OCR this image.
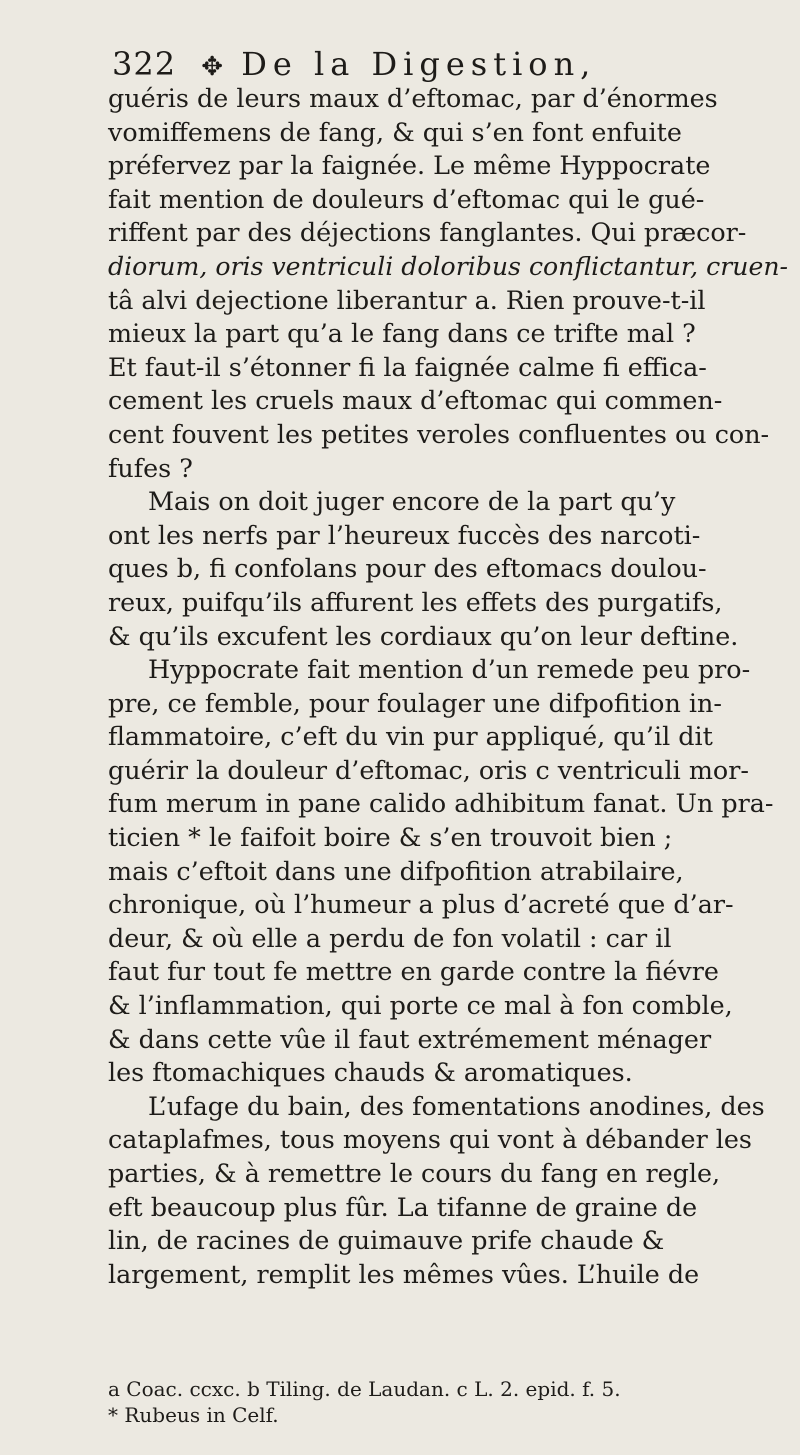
322 ✥ De la Digestion,
guéris de leurs maux d’eftomac, par d’énormes
vomiffemens de fang, & qui s’en font enfuite
préfervez par la faignée. Le même Hyppocrate
fait mention de douleurs d’eftomac qui le gué-
riffent par des déjections fanglantes. Qui præcor-
diorum, oris ventriculi doloribus conflictantur, cruen-
tâ alvi dejectione liberantur a. Rien prouve-t-il
mieux la part qu’a le fang dans ce trifte mal ?
Et faut-il s’étonner fi la faignée calme fi effica-
cement les cruels maux d’eftomac qui commen-
cent fouvent les petites veroles confluentes ou con-
fufes ?
Mais on doit juger encore de la part qu’y
ont les nerfs par l’heureux fuccès des narcoti-
ques b, fi confolans pour des eftomacs doulou-
reux, puifqu’ils affurent les effets des purgatifs,
& qu’ils excufent les cordiaux qu’on leur deftine.
Hyppocrate fait mention d’un remede peu pro-
pre, ce femble, pour foulager une difpofition in-
flammatoire, c’eft du vin pur appliqué, qu’il dit
guérir la douleur d’eftomac, oris c ventriculi mor-
fum merum in pane calido adhibitum fanat. Un pra-
ticien * le faifoit boire & s’en trouvoit bien ;
mais c’eftoit dans une difpofition atrabilaire,
chronique, où l’humeur a plus d’acreté que d’ar-
deur, & où elle a perdu de fon volatil : car il
faut fur tout fe mettre en garde contre la fiévre
& l’inflammation, qui porte ce mal à fon comble,
& dans cette vûe il faut extrémement ménager
les ftomachiques chauds & aromatiques.
L’ufage du bain, des fomentations anodines, des
cataplafmes, tous moyens qui vont à débander les
parties, & à remettre le cours du fang en regle,
eft beaucoup plus fûr. La tifanne de graine de
lin, de racines de guimauve prife chaude &
largement, remplit les mêmes vûes. L’huile de
a Coac. ccxc. b Tiling. de Laudan. c L. 2. epid. f. 5.
* Rubeus in Celf.
